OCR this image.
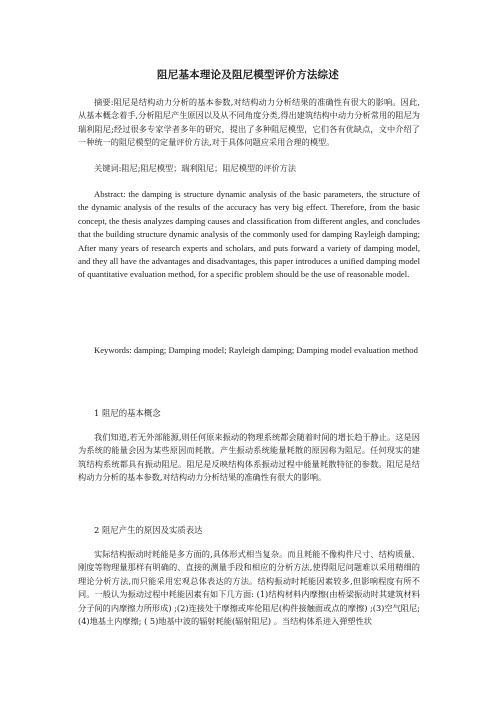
阻尼基本理论及阻尼模型评价方法综述

摘要:阻尼是结构动力分析的基本参数,对结构动力分析结果的准确性有很大的影响。因此,从基本概念着手,分析阻尼产生原因以及从不同角度分类,得出建筑结构中动力分析常用的阻尼为瑞利阻尼;经过很多专家学者多年的研究，提出了多种阻尼模型，它们各有优缺点，文中介绍了一种统一的阻尼模型的定量评价方法,对于具体问题应采用合理的模型。

关键词:阻尼;阻尼模型；瑞利阻尼；阻尼模型的评价方法

Abstract: the damping is structure dynamic analysis of the basic parameters, the structure of the dynamic analysis of the results of the accuracy has very big effect. Therefore, from the basic concept, the thesis analyzes damping causes and classification from different angles, and concludes that the building structure dynamic analysis of the commonly used for damping Rayleigh damping; After many years of research experts and scholars, and puts forward a variety of damping model, and they all have the advantages and disadvantages, this paper introduces a unified damping model of quantitative evaluation method, for a specific problem should be the use of reasonable model.

Keywords: damping; Damping model; Rayleigh damping; Damping model evaluation method

1 阻尼的基本概念

我们知道,若无外部能源,则任何原来振动的物理系统都会随着时间的增长趋于静止。这是因为系统的能量会因为某些原因而耗散。产生振动系统能量耗散的原因称为阻尼。任何现实的建筑结构系统都具有振动阻尼。阻尼是反映结构体系振动过程中能量耗散特征的参数。阻尼是结构动力分析的基本参数,对结构动力分析结果的准确性有很大的影响。

2 阻尼产生的原因及实质表达

实际结构振动时耗能是多方面的,具体形式相当复杂。而且耗能不像构件尺寸、结构质量、刚度等物理量那样有明确的、直接的测量手段和相应的分析方法,使得阻尼问题难以采用精细的理论分析方法,而只能采用宏观总体表达的方法。结构振动时耗能因素较多,但影响程度有所不同。一般认为振动过程中耗能因素有如下几方面: (1)结构材料内摩擦(由桥梁振动时其建筑材料分子间的内摩擦力所形成) ;(2)连接处干摩擦或库伦阻尼(构件接触面或点的摩擦) ;(3)空气阻尼; (4)地基土内摩擦; ( 5)地基中波的辐射耗能(辐射阻尼) 。当结构体系进入弹塑性状
